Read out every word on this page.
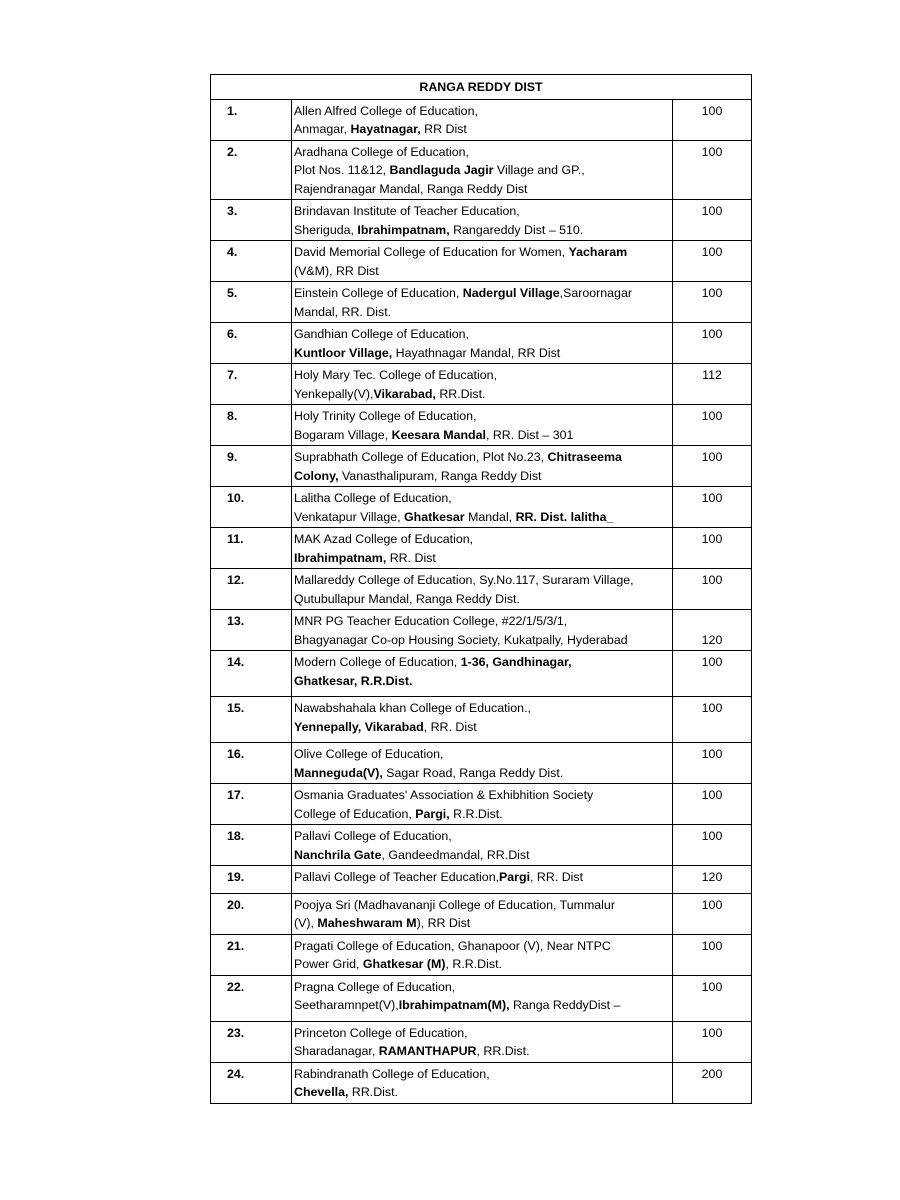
RANGA REDDY DIST		
1.	Allen Alfred College of Education,
Anmagar, Hayatnagar, RR Dist	100
2.	Aradhana College of Education,
Plot Nos. 11&12, Bandlaguda Jagir Village and GP.,
Rajendranagar Mandal, Ranga Reddy Dist	100
3.	Brindavan Institute of Teacher Education,
Sheriguda, Ibrahimpatnam, Rangareddy Dist – 510.	100
4.	David Memorial College of Education for Women, Yacharam
(V&M), RR Dist	100
5.	Einstein College of Education, Nadergul Village,Saroornagar
Mandal, RR. Dist.	100
6.	Gandhian College of Education,
Kuntloor Village, Hayathnagar Mandal, RR Dist	100
7.	Holy Mary Tec. College of Education,
Yenkepally(V),Vikarabad, RR.Dist.	112
8.	Holy Trinity College of Education,
Bogaram Village, Keesara Mandal, RR. Dist – 301	100
9.	Suprabhath College of Education, Plot No.23, Chitraseema
Colony, Vanasthalipuram, Ranga Reddy Dist	100
10.	Lalitha College of Education,
Venkatapur Village, Ghatkesar Mandal, RR. Dist. lalitha_	100
11.	MAK Azad College of Education,
Ibrahimpatnam, RR. Dist	100
12.	Mallareddy College of Education, Sy.No.117, Suraram Village,
Qutubullapur Mandal, Ranga Reddy Dist.	100
13.	MNR PG Teacher Education College, #22/1/5/3/1,
Bhagyanagar Co-op Housing Society, Kukatpally, Hyderabad	120
14.	Modern College of Education, 1-36, Gandhinagar,
Ghatkesar, R.R.Dist.	100
15.	Nawabshahala khan College of Education.,
Yennepally, Vikarabad, RR. Dist	100
16.	Olive College of Education,
Manneguda(V), Sagar Road, Ranga Reddy Dist.	100
17.	Osmania Graduates' Association & Exhibhition Society
College of Education, Pargi, R.R.Dist.	100
18.	Pallavi College of Education,
Nanchrila Gate, Gandeedmandal, RR.Dist	100
19.	Pallavi College of Teacher Education,Pargi, RR. Dist	120
20.	Poojya Sri (Madhavananji College of Education, Tummalur
(V), Maheshwaram M), RR Dist	100
21.	Pragati College of Education, Ghanapoor (V), Near NTPC
Power Grid, Ghatkesar (M), R.R.Dist.	100
22.	Pragna College of Education,
Seetharamnpet(V),Ibrahimpatnam(M), Ranga ReddyDist –	100
23.	Princeton College of Education,
Sharadanagar, RAMANTHAPUR, RR.Dist.	100
24.	Rabindranath College of Education,
Chevella, RR.Dist.	200
